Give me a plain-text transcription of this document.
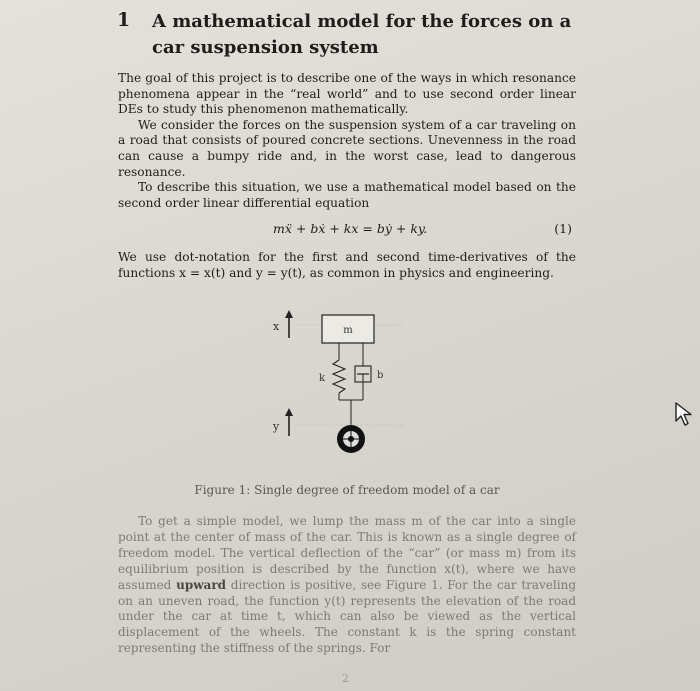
1 A mathematical model for the forces on a car suspension system
The goal of this project is to describe one of the ways in which resonance phenomena appear in the “real world” and to use second order linear DEs to study this phenomenon mathematically.
We consider the forces on the suspension system of a car traveling on a road that consists of poured concrete sections. Unevenness in the road can cause a bumpy ride and, in the worst case, lead to dangerous resonance.
To describe this situation, we use a mathematical model based on the second order linear differential equation
mẍ + bẋ + kx = bẏ + ky.	(1)
We use dot-notation for the first and second time-derivatives of the functions x = x(t) and y = y(t), as common in physics and engineering.
x	m
k	b
y
Figure 1: Single degree of freedom model of a car
To get a simple model, we lump the mass m of the car into a single point at the center of mass of the car. This is known as a single degree of freedom model. The vertical deflection of the “car” (or mass m) from its equilibrium position is described by the function x(t), where we have assumed upward direction is positive, see Figure 1. For the car traveling on an uneven road, the function y(t) represents the elevation of the road under the car at time t, which can also be viewed as the vertical displacement of the wheels. The constant k is the spring constant representing the stiffness of the springs. For
2
